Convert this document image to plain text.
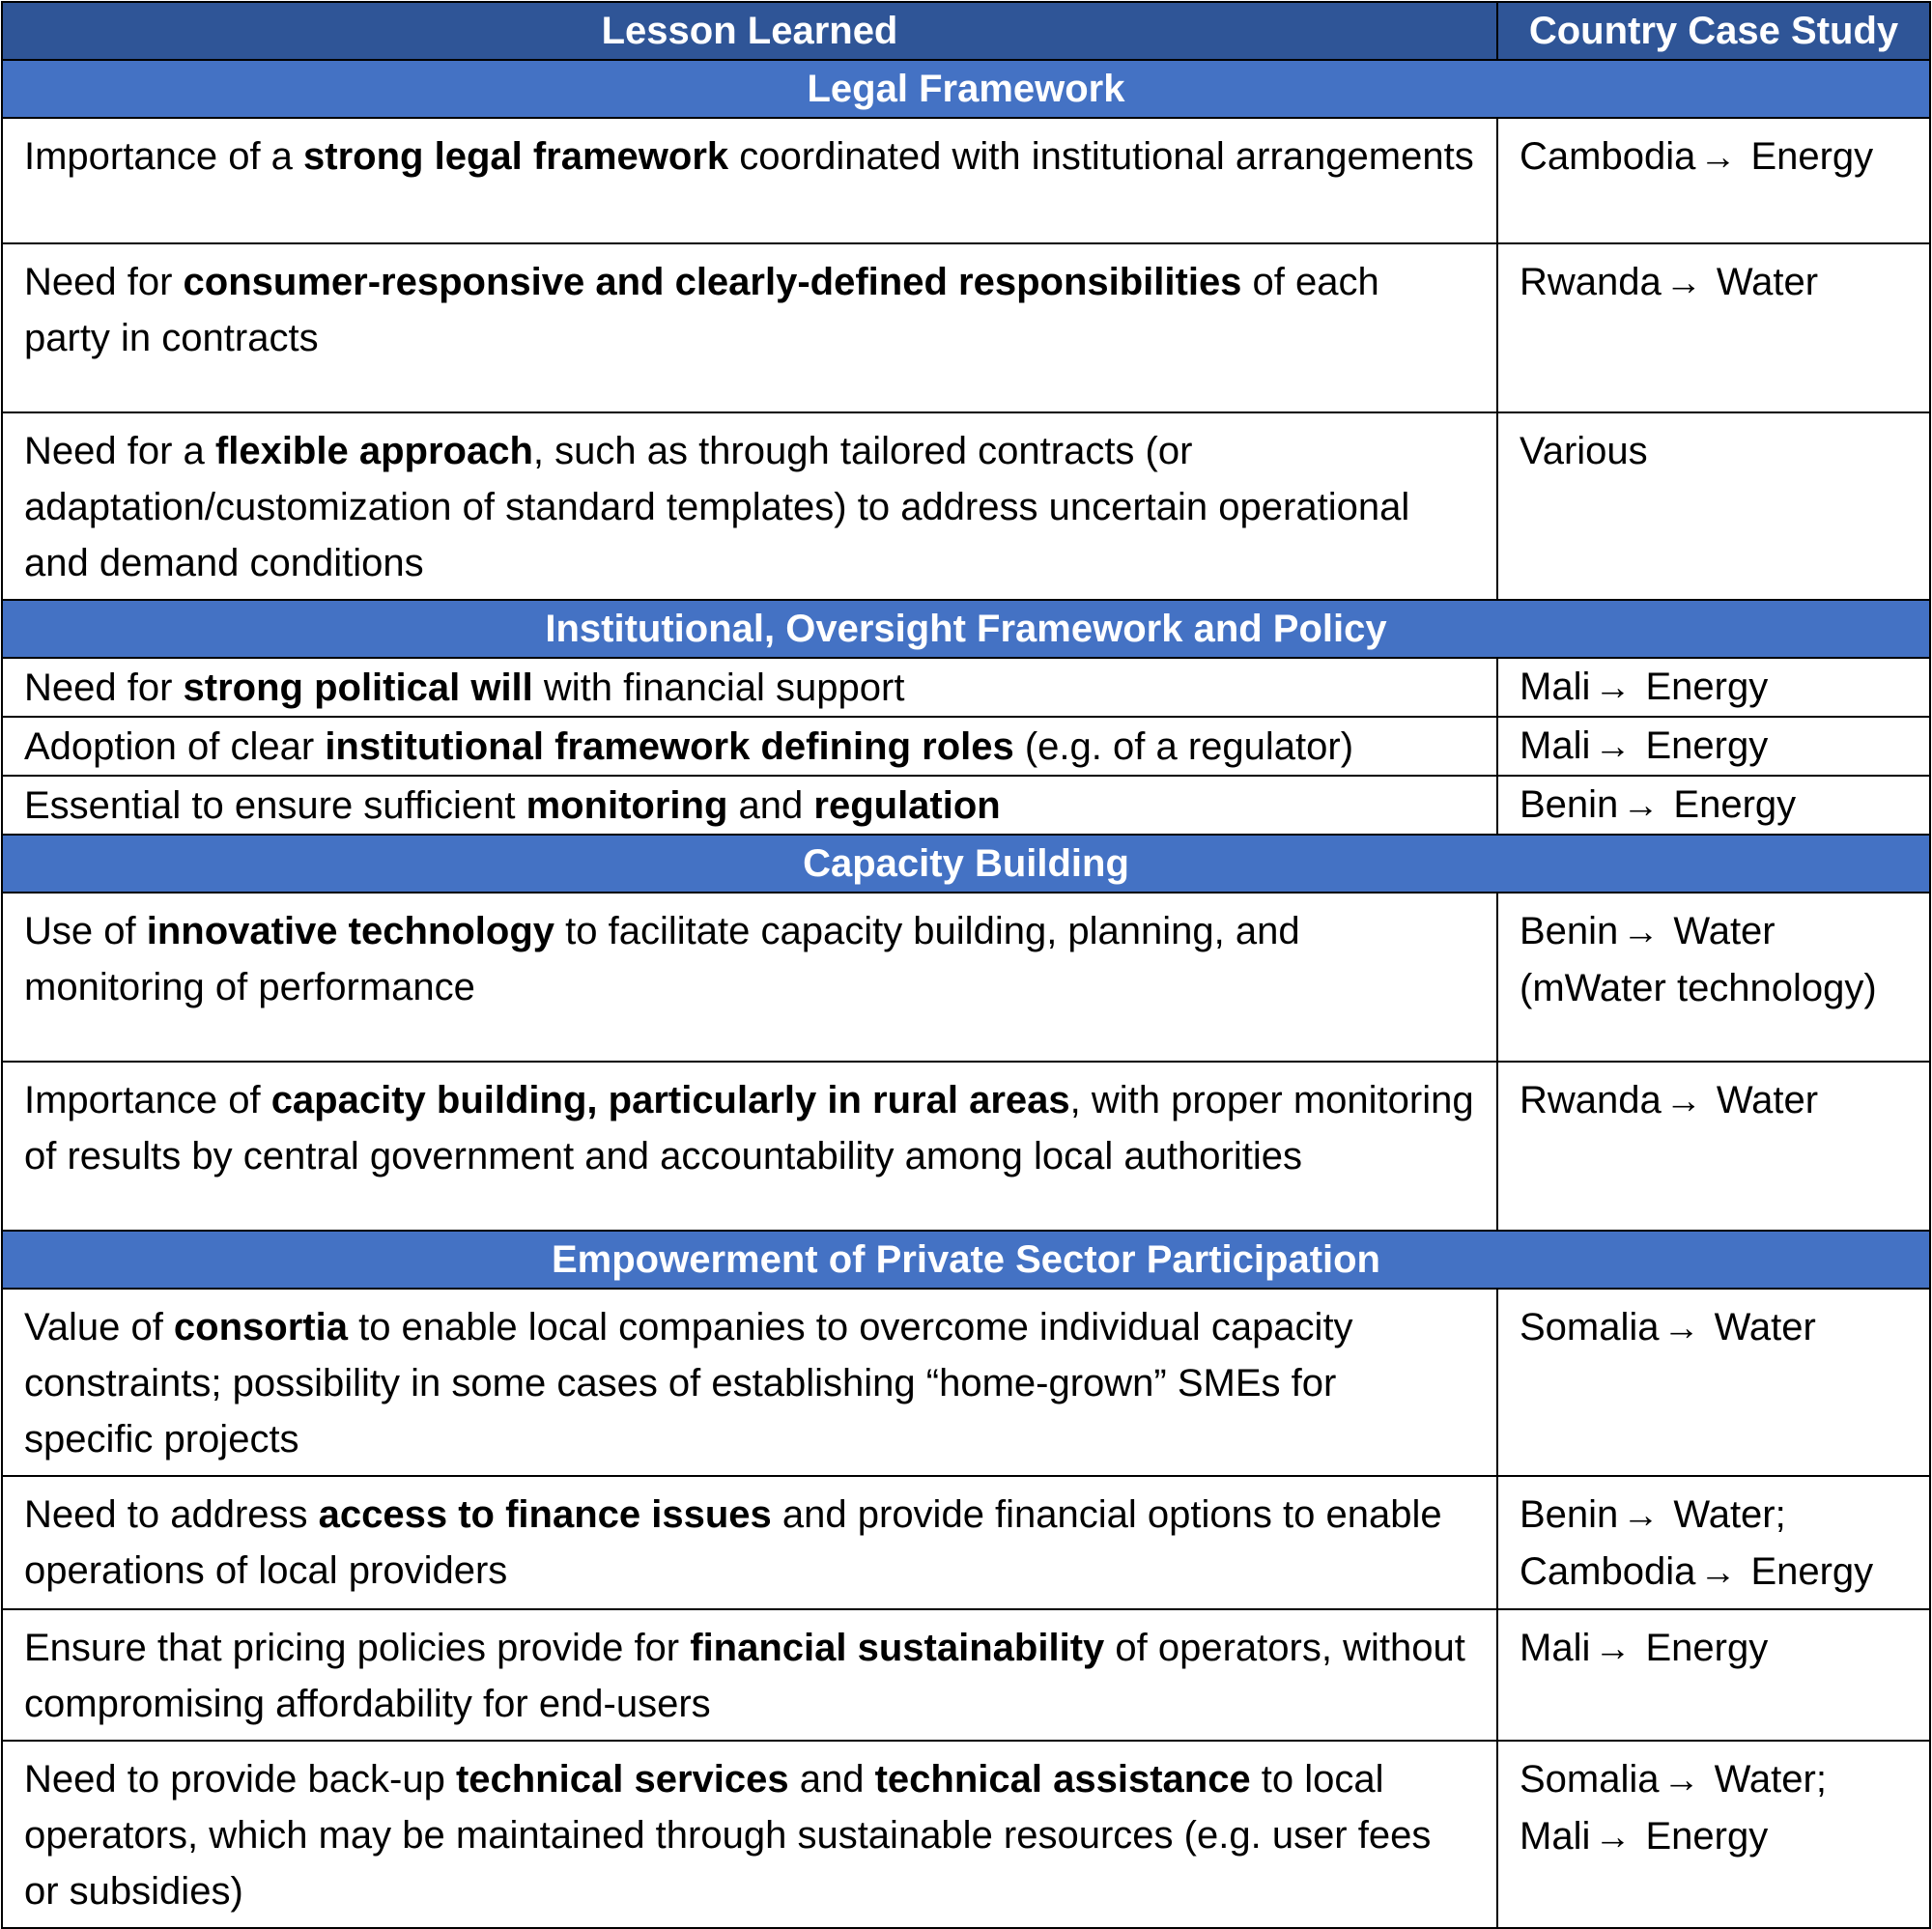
Lesson Learned	Country Case Study
Legal Framework	
Importance of a strong legal framework coordinated with institutional arrangements	Cambodia → Energy

Need for consumer-responsive and clearly-defined responsibilities of each party in contracts	Rwanda → Water

Need for a flexible approach, such as through tailored contracts (or adaptation/customization of standard templates) to address uncertain operational and demand conditions	Various

Institutional, Oversight Framework and Policy	
Need for strong political will with financial support	Mali → Energy

Adoption of clear institutional framework defining roles (e.g. of a regulator)	Mali → Energy

Essential to ensure sufficient monitoring and regulation	Benin → Energy

Capacity Building	
Use of innovative technology to facilitate capacity building, planning, and monitoring of performance	Benin → Water (mWater technology)

Importance of capacity building, particularly in rural areas, with proper monitoring of results by central government and accountability among local authorities	Rwanda → Water

Empowerment of Private Sector Participation	
Value of consortia to enable local companies to overcome individual capacity constraints; possibility in some cases of establishing “home-grown” SMEs for specific projects	Somalia → Water

Need to address access to finance issues and provide financial options to enable operations of local providers	Benin → Water;
Cambodia → Energy

Ensure that pricing policies provide for financial sustainability of operators, without compromising affordability for end-users	Mali → Energy

Need to provide back-up technical services and technical assistance to local operators, which may be maintained through sustainable resources (e.g. user fees or subsidies)	Somalia → Water;
Mali → Energy
